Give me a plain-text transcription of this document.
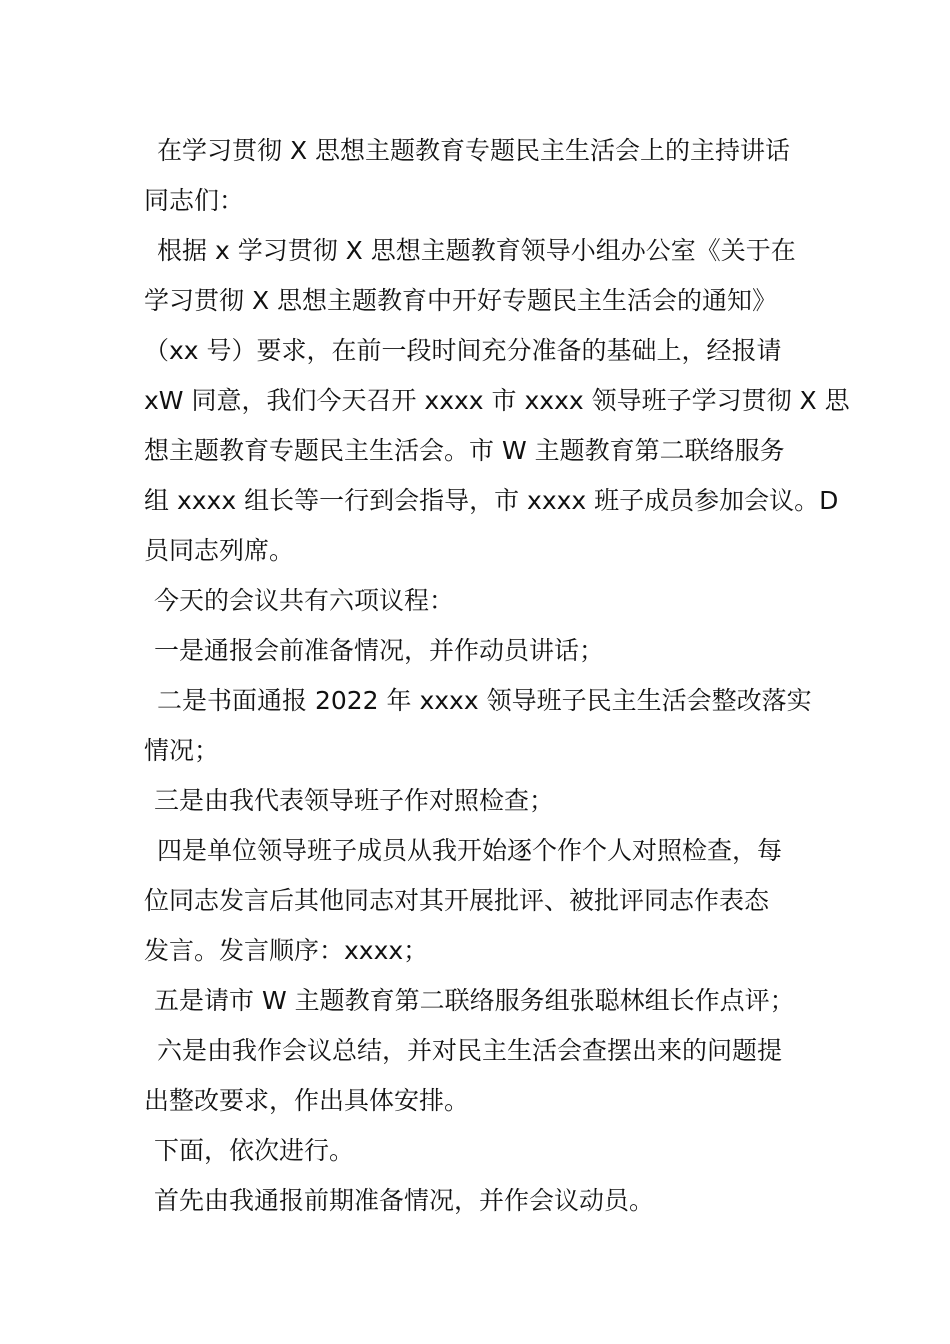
在学习贯彻 X 思想主题教育专题民主生活会上的主持讲话
同志们：
根据 x 学习贯彻 X 思想主题教育领导小组办公室《关于在
学习贯彻 X 思想主题教育中开好专题民主生活会的通知》
（xx 号）要求，在前一段时间充分准备的基础上，经报请
xW 同意，我们今天召开 xxxx 市 xxxx 领导班子学习贯彻 X 思
想主题教育专题民主生活会。市 W 主题教育第二联络服务
组 xxxx 组长等一行到会指导，市 xxxx 班子成员参加会议。D
员同志列席。
今天的会议共有六项议程：
一是通报会前准备情况，并作动员讲话；
二是书面通报 2022 年 xxxx 领导班子民主生活会整改落实
情况；
三是由我代表领导班子作对照检查；
四是单位领导班子成员从我开始逐个作个人对照检查，每
位同志发言后其他同志对其开展批评、被批评同志作表态
发言。发言顺序：xxxx；
五是请市 W 主题教育第二联络服务组张聪林组长作点评；
六是由我作会议总结，并对民主生活会查摆出来的问题提
出整改要求，作出具体安排。
下面，依次进行。
首先由我通报前期准备情况，并作会议动员。
